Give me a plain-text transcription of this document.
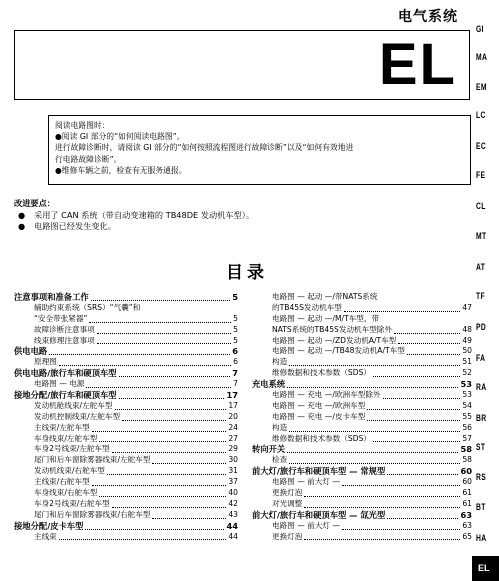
电气系统
EL
阅读电路图时：
●阅读 GI 部分的“如何阅读电路图”。
进行故障诊断时，请阅读 GI 部分的“如何按照流程图进行故障诊断”以及“如何有效地进
行电路故障诊断”。
●维修车辆之前，检查有无服务通报。
改进要点：
● 采用了 CAN 系统（带自动变速箱的 TB48DE 发动机车型）。
● 电路图已经发生变化。
目录
注意事项和准备工作	5
辅助约束系统（SRS）“气囊”和
“安全带张紧器”	5
故障诊断注意事项	5
线束修理注意事项	5
供电电路	6
原理图	6
供电电路/旅行车和硬顶车型	7
电路图 — 电源	7
接地分配/旅行车和硬顶车型	17
发动机舱线束/左舵车型	17
发动机控制线束/左舵车型	20
主线束/左舵车型	24
车身线束/左舵车型	27
车身2号线束/左舵车型	29
尾门和后车窗除雾器线束/左舵车型	30
发动机线束/右舵车型	31
主线束/右舵车型	37
车身线束/右舵车型	40
车身2号线束/右舵车型	42
尾门和后车窗除雾器线束/右舵车型	43
接地分配/皮卡车型	44
主线束	44
电路图 — 起动 —/带NATS系统
的TB45S发动机车型	47
电路图 — 起动 —/M/T车型，带
NATS系统的TB45S发动机车型除外	48
电路图 — 起动 —/ZD发动机A/T车型	49
电路图 — 起动 —/TB48发动机A/T车型	50
构造	51
维修数据和技术参数（SDS）	52
充电系统	53
电路图 — 充电 —/欧洲车型除外	53
电路图 — 充电 —/欧洲车型	54
电路图 — 充电 —/皮卡车型	55
构造	56
维修数据和技术参数（SDS）	57
转向开关	58
检查	58
前大灯/旅行车和硬顶车型 — 常规型	60
电路图 — 前大灯 —	60
更换灯泡	61
对光调整	61
前大灯/旅行车和硬顶车型 — 氙光型	63
电路图 — 前大灯 —	63
更换灯泡	65
EL
GI
MA
EM
LC
EC
FE
CL
MT
AT
TF
PD
FA
RA
BR
ST
RS
BT
HA
